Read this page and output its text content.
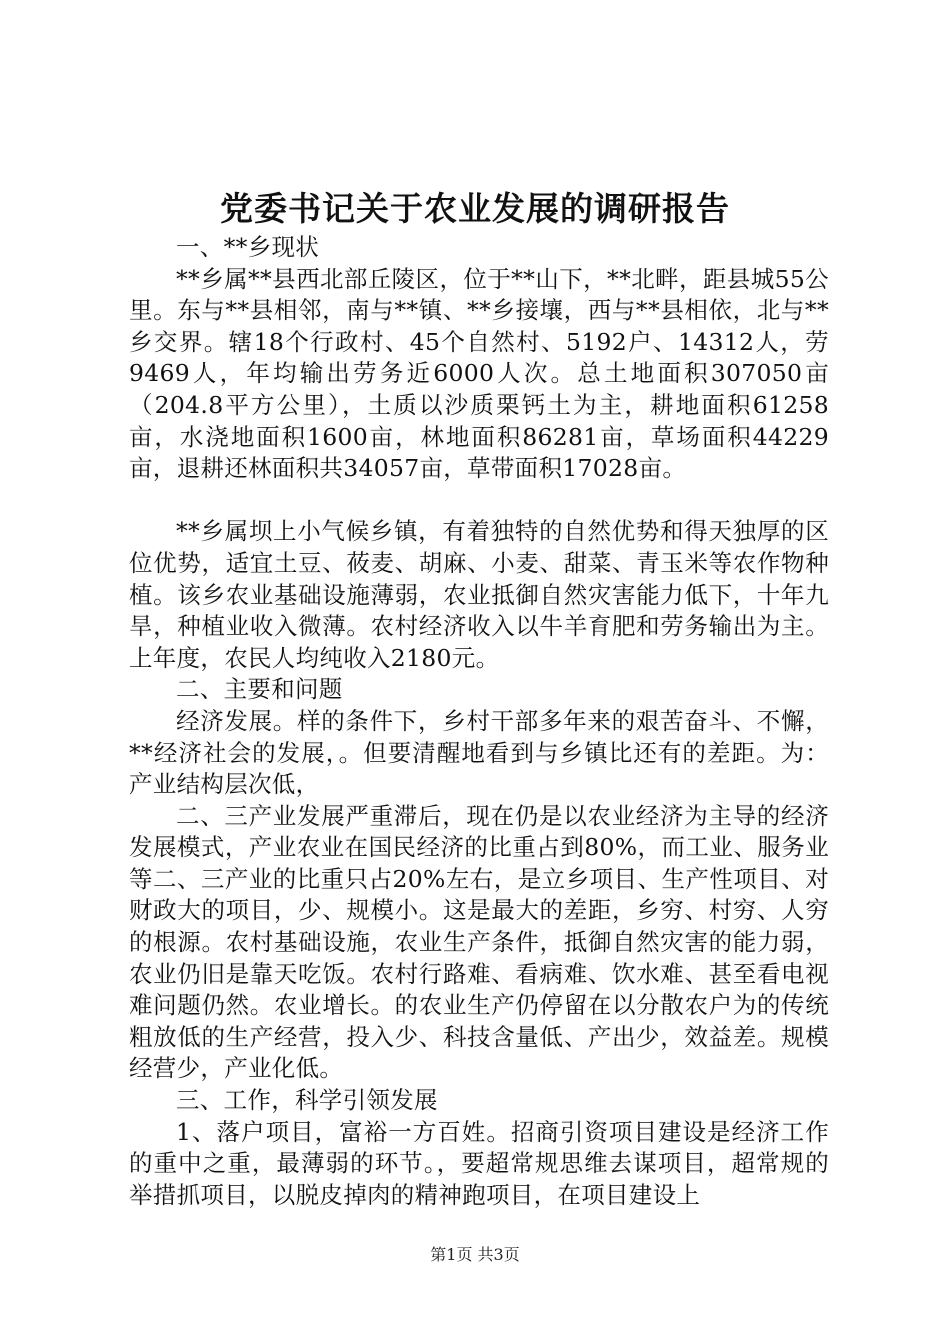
党委书记关于农业发展的调研报告

一、**乡现状

**乡属**县西北部丘陵区，位于**山下，**北畔，距县城55公里。东与**县相邻，南与**镇、**乡接壤，西与**县相依，北与**乡交界。辖18个行政村、45个自然村、5192户、14312人，劳9469人，年均输出劳务近6000人次。总土地面积307050亩（204.8平方公里），土质以沙质栗钙土为主，耕地面积61258亩，水浇地面积1600亩，林地面积86281亩，草场面积44229亩，退耕还林面积共34057亩，草带面积17028亩。

**乡属坝上小气候乡镇，有着独特的自然优势和得天独厚的区位优势，适宜土豆、莜麦、胡麻、小麦、甜菜、青玉米等农作物种植。该乡农业基础设施薄弱，农业抵御自然灾害能力低下，十年九旱，种植业收入微薄。农村经济收入以牛羊育肥和劳务输出为主。上年度，农民人均纯收入2180元。

二、主要和问题

经济发展。样的条件下，乡村干部多年来的艰苦奋斗、不懈，**经济社会的发展，。但要清醒地看到与乡镇比还有的差距。为：产业结构层次低，

二、三产业发展严重滞后，现在仍是以农业经济为主导的经济发展模式，产业农业在国民经济的比重占到80%，而工业、服务业等二、三产业的比重只占20%左右，是立乡项目、生产性项目、对财政大的项目，少、规模小。这是最大的差距，乡穷、村穷、人穷的根源。农村基础设施，农业生产条件，抵御自然灾害的能力弱，农业仍旧是靠天吃饭。农村行路难、看病难、饮水难、甚至看电视难问题仍然。农业增长。的农业生产仍停留在以分散农户为的传统粗放低的生产经营，投入少、科技含量低、产出少，效益差。规模经营少，产业化低。

三、工作，科学引领发展

1、落户项目，富裕一方百姓。招商引资项目建设是经济工作的重中之重，最薄弱的环节。，要超常规思维去谋项目，超常规的举措抓项目，以脱皮掉肉的精神跑项目，在项目建设上

第1页 共3页
